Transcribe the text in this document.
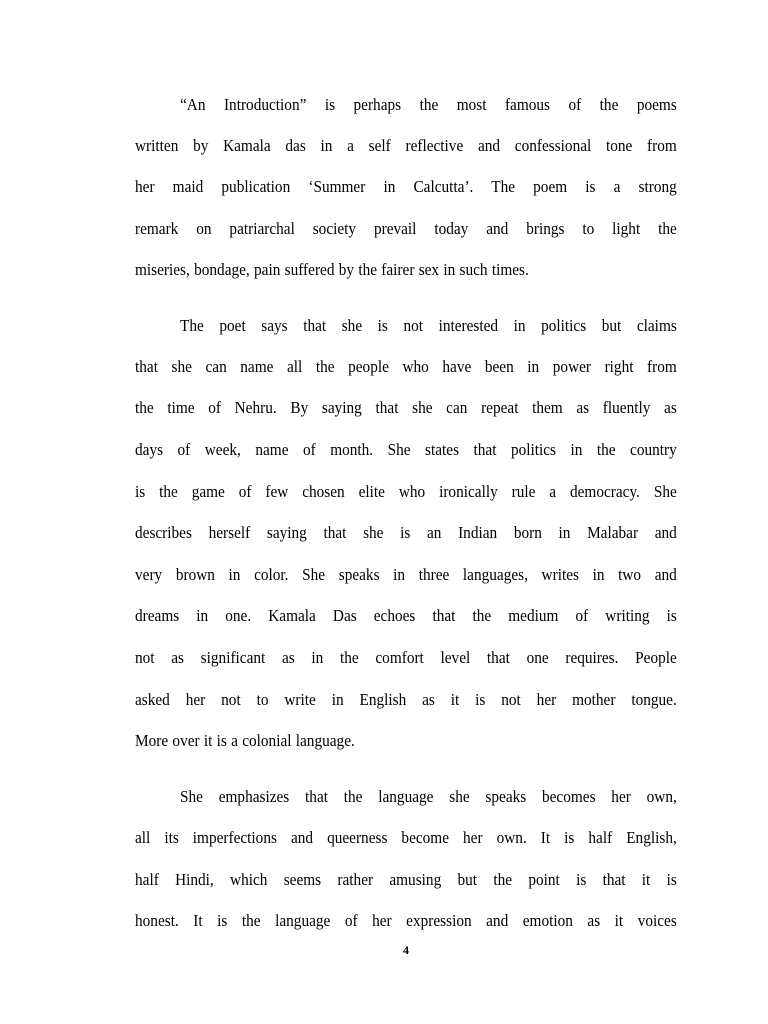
“An Introduction” is perhaps the most famous of the poems
written by Kamala das in a self reflective and confessional tone from
her maid publication ‘Summer in Calcutta’. The poem is a strong
remark on patriarchal society prevail today and brings to light the
miseries, bondage, pain suffered by the fairer sex in such times.
The poet says that she is not interested in politics but claims
that she can name all the people who have been in power right from
the time of Nehru. By saying that she can repeat them as fluently as
days of week, name of month. She states that politics in the country
is the game of few chosen elite who ironically rule a democracy. She
describes herself saying that she is an Indian born in Malabar and
very brown in color. She speaks in three languages, writes in two and
dreams in one. Kamala Das echoes that the medium of writing is
not as significant as in the comfort level that one requires. People
asked her not to write in English as it is not her mother tongue.
More over it is a colonial language.
She emphasizes that the language she speaks becomes her own,
all its imperfections and queerness become her own. It is half English,
half Hindi, which seems rather amusing but the point is that it is
honest. It is the language of her expression and emotion as it voices
4
